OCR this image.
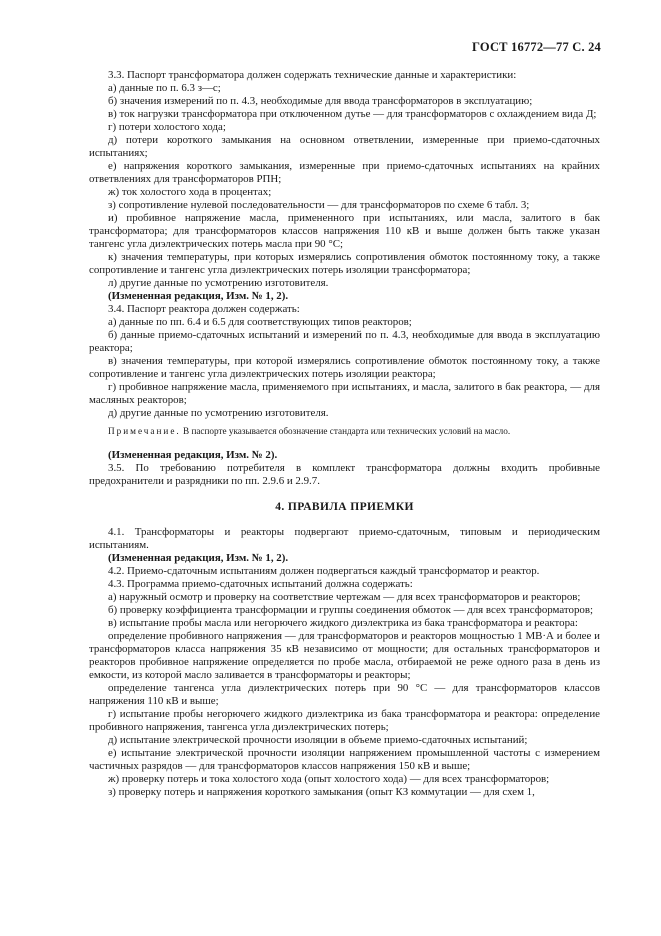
ГОСТ 16772—77 С. 24
3.3. Паспорт трансформатора должен содержать технические данные и характеристики:
а) данные по п. 6.3 з—с;
б) значения измерений по п. 4.3, необходимые для ввода трансформаторов в эксплуатацию;
в) ток нагрузки трансформатора при отключенном дутье — для трансформаторов с охлаждением вида Д;
г) потери холостого хода;
д) потери короткого замыкания на основном ответвлении, измеренные при приемо-сдаточных испытаниях;
е) напряжения короткого замыкания, измеренные при приемо-сдаточных испытаниях на крайних ответвлениях для трансформаторов РПН;
ж) ток холостого хода в процентах;
з) сопротивление нулевой последовательности — для трансформаторов по схеме 6 табл. 3;
и) пробивное напряжение масла, примененного при испытаниях, или масла, залитого в бак трансформатора; для трансформаторов классов напряжения 110 кВ и выше должен быть также указан тангенс угла диэлектрических потерь масла при 90 °С;
к) значения температуры, при которых измерялись сопротивления обмоток постоянному току, а также сопротивление и тангенс угла диэлектрических потерь изоляции трансформатора;
л) другие данные по усмотрению изготовителя.
(Измененная редакция, Изм. № 1, 2).
3.4. Паспорт реактора должен содержать:
а) данные по пп. 6.4 и 6.5 для соответствующих типов реакторов;
б) данные приемо-сдаточных испытаний и измерений по п. 4.3, необходимые для ввода в эксплуатацию реактора;
в) значения температуры, при которой измерялись сопротивление обмоток постоянному току, а также сопротивление и тангенс угла диэлектрических потерь изоляции реактора;
г) пробивное напряжение масла, применяемого при испытаниях, и масла, залитого в бак реактора, — для масляных реакторов;
д) другие данные по усмотрению изготовителя.
Примечание. В паспорте указывается обозначение стандарта или технических условий на масло.
(Измененная редакция, Изм. № 2).
3.5. По требованию потребителя в комплект трансформатора должны входить пробивные предохранители и разрядники по пп. 2.9.6 и 2.9.7.
4. ПРАВИЛА ПРИЕМКИ
4.1. Трансформаторы и реакторы подвергают приемо-сдаточным, типовым и периодическим испытаниям.
(Измененная редакция, Изм. № 1, 2).
4.2. Приемо-сдаточным испытаниям должен подвергаться каждый трансформатор и реактор.
4.3. Программа приемо-сдаточных испытаний должна содержать:
а) наружный осмотр и проверку на соответствие чертежам — для всех трансформаторов и реакторов;
б) проверку коэффициента трансформации и группы соединения обмоток — для всех трансформаторов;
в) испытание пробы масла или негорючего жидкого диэлектрика из бака трансформатора и реактора:
определение пробивного напряжения — для трансформаторов и реакторов мощностью 1 МВ·А и более и трансформаторов класса напряжения 35 кВ независимо от мощности; для остальных трансформаторов и реакторов пробивное напряжение определяется по пробе масла, отбираемой не реже одного раза в день из емкости, из которой масло заливается в трансформаторы и реакторы;
определение тангенса угла диэлектрических потерь при 90 °С — для трансформаторов классов напряжения 110 кВ и выше;
г) испытание пробы негорючего жидкого диэлектрика из бака трансформатора и реактора: определение пробивного напряжения, тангенса угла диэлектрических потерь;
д) испытание электрической прочности изоляции в объеме приемо-сдаточных испытаний;
е) испытание электрической прочности изоляции напряжением промышленной частоты с измерением частичных разрядов — для трансформаторов классов напряжения 150 кВ и выше;
ж) проверку потерь и тока холостого хода (опыт холостого хода) — для всех трансформаторов;
з) проверку потерь и напряжения короткого замыкания (опыт КЗ коммутации — для схем 1,
